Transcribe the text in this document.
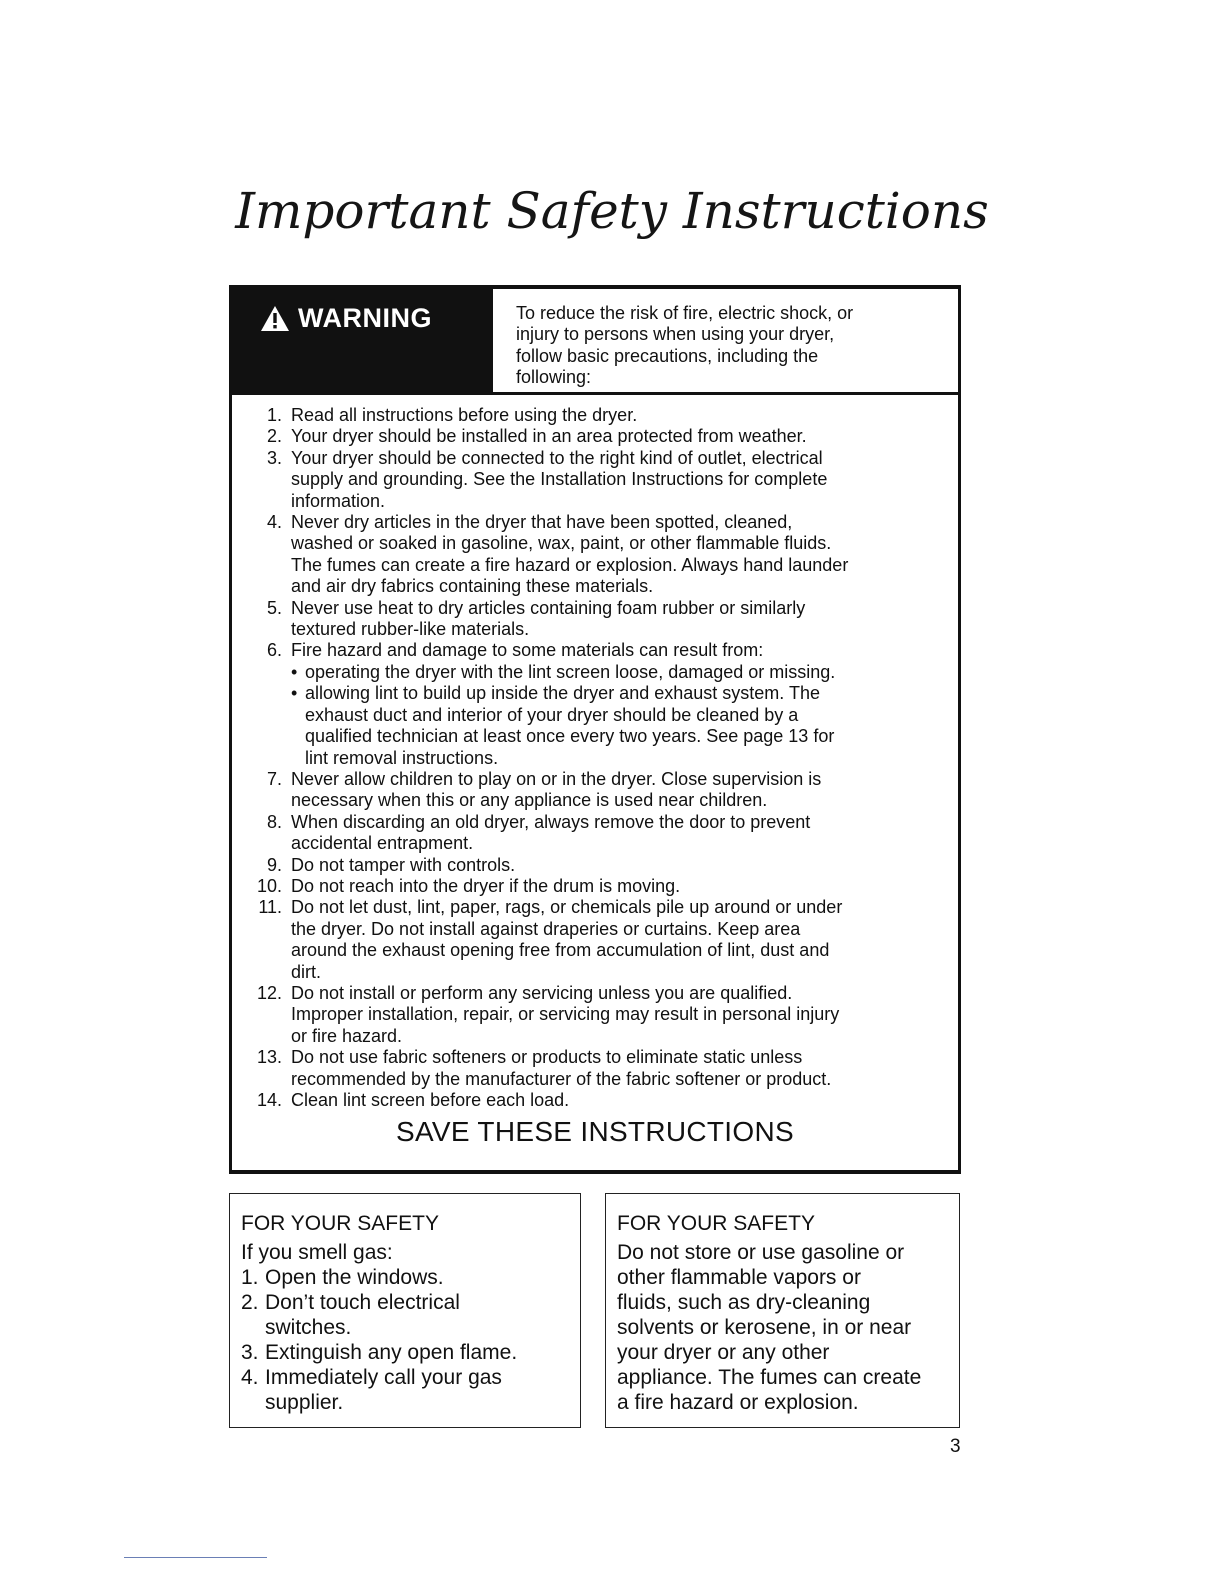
Important Safety Instructions
WARNING	To reduce the risk of fire, electric shock, or
injury to persons when using your dryer,
follow basic precautions, including the
following:
1. Read all instructions before using the dryer.
2. Your dryer should be installed in an area protected from weather.
3. Your dryer should be connected to the right kind of outlet, electrical
supply and grounding. See the Installation Instructions for complete
information.
4. Never dry articles in the dryer that have been spotted, cleaned,
washed or soaked in gasoline, wax, paint, or other flammable fluids.
The fumes can create a fire hazard or explosion. Always hand launder
and air dry fabrics containing these materials.
5. Never use heat to dry articles containing foam rubber or similarly
textured rubber-like materials.
6. Fire hazard and damage to some materials can result from:
• operating the dryer with the lint screen loose, damaged or missing.
• allowing lint to build up inside the dryer and exhaust system. The
exhaust duct and interior of your dryer should be cleaned by a
qualified technician at least once every two years. See page 13 for
lint removal instructions.
7. Never allow children to play on or in the dryer. Close supervision is
necessary when this or any appliance is used near children.
8. When discarding an old dryer, always remove the door to prevent
accidental entrapment.
9. Do not tamper with controls.
10. Do not reach into the dryer if the drum is moving.
11. Do not let dust, lint, paper, rags, or chemicals pile up around or under
the dryer. Do not install against draperies or curtains. Keep area
around the exhaust opening free from accumulation of lint, dust and
dirt.
12. Do not install or perform any servicing unless you are qualified.
Improper installation, repair, or servicing may result in personal injury
or fire hazard.
13. Do not use fabric softeners or products to eliminate static unless
recommended by the manufacturer of the fabric softener or product.
14. Clean lint screen before each load.
SAVE THESE INSTRUCTIONS
FOR YOUR SAFETY
If you smell gas:
1. Open the windows.
2. Don’t touch electrical
switches.
3. Extinguish any open flame.
4. Immediately call your gas
supplier.
FOR YOUR SAFETY
Do not store or use gasoline or
other flammable vapors or
fluids, such as dry-cleaning
solvents or kerosene, in or near
your dryer or any other
appliance. The fumes can create
a fire hazard or explosion.
3
